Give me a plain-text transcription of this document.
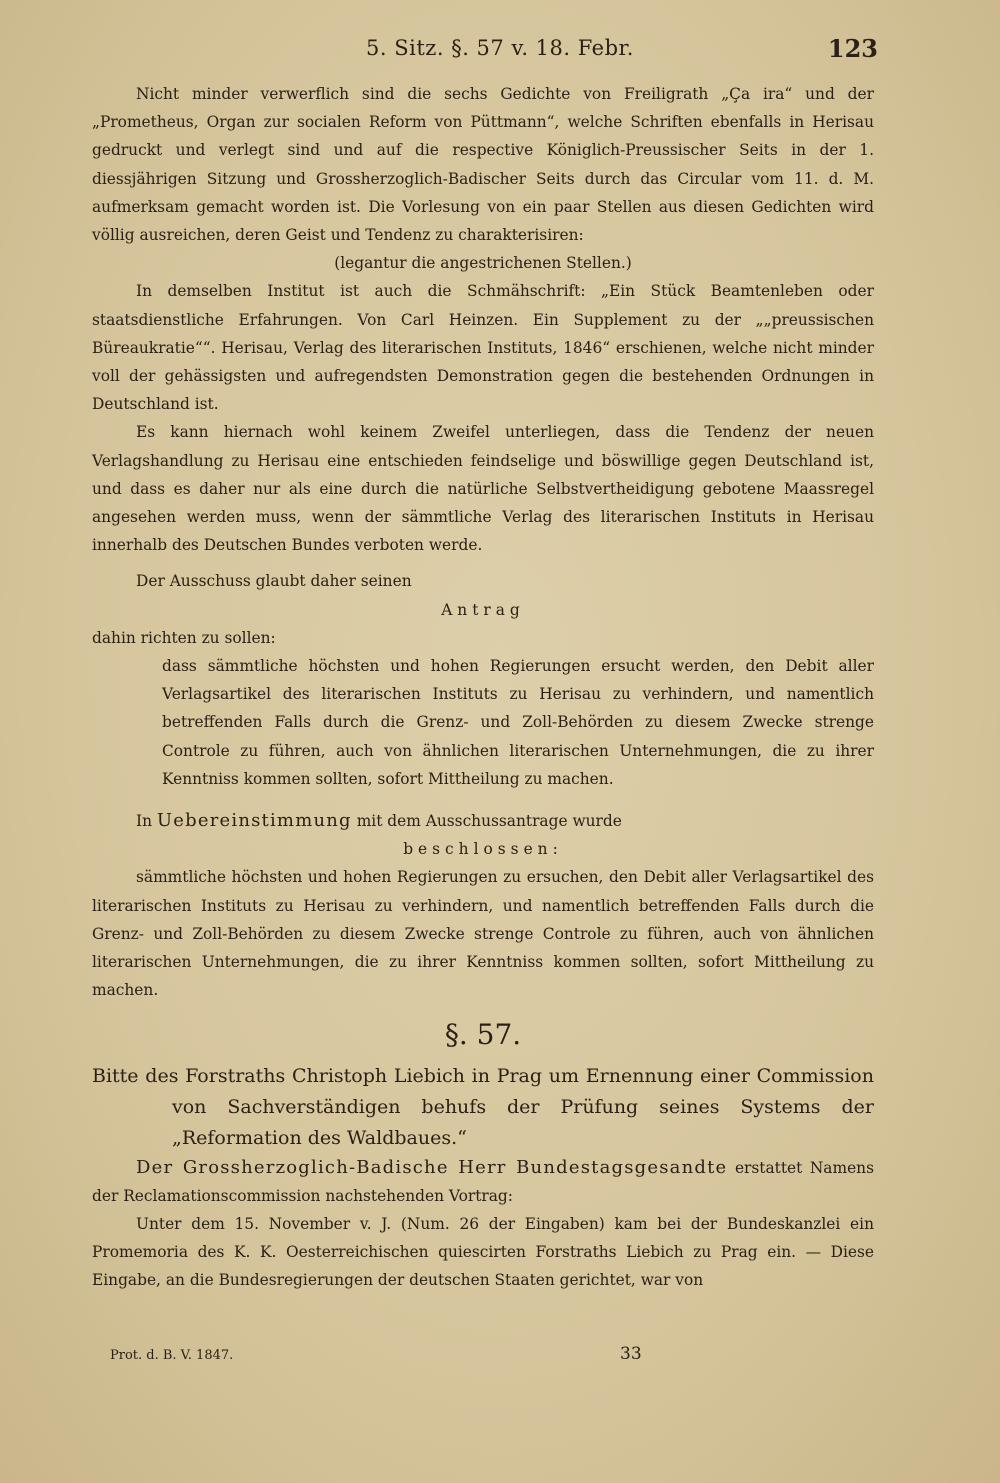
5. Sitz. §. 57 v. 18. Febr.	123

Nicht minder verwerflich sind die sechs Gedichte von Freiligrath „Ça ira“ und der „Prometheus, Organ zur socialen Reform von Püttmann“, welche Schriften ebenfalls in Herisau gedruckt und verlegt sind und auf die respective Königlich-Preussischer Seits in der 1. diessjährigen Sitzung und Grossherzoglich-Badischer Seits durch das Circular vom 11. d. M. aufmerksam gemacht worden ist. Die Vorlesung von ein paar Stellen aus diesen Gedichten wird völlig ausreichen, deren Geist und Tendenz zu charakterisiren:

(legantur die angestrichenen Stellen.)

In demselben Institut ist auch die Schmähschrift: „Ein Stück Beamtenleben oder staatsdienstliche Erfahrungen. Von Carl Heinzen. Ein Supplement zu der „„preussischen Büreaukratie““. Herisau, Verlag des literarischen Instituts, 1846“ erschienen, welche nicht minder voll der gehässigsten und aufregendsten Demonstration gegen die bestehenden Ordnungen in Deutschland ist.

Es kann hiernach wohl keinem Zweifel unterliegen, dass die Tendenz der neuen Verlagshandlung zu Herisau eine entschieden feindselige und böswillige gegen Deutschland ist, und dass es daher nur als eine durch die natürliche Selbstvertheidigung gebotene Maassregel angesehen werden muss, wenn der sämmtliche Verlag des literarischen Instituts in Herisau innerhalb des Deutschen Bundes verboten werde.

Der Ausschuss glaubt daher seinen

Antrag

dahin richten zu sollen:

dass sämmtliche höchsten und hohen Regierungen ersucht werden, den Debit aller Verlagsartikel des literarischen Instituts zu Herisau zu verhindern, und namentlich betreffenden Falls durch die Grenz- und Zoll-Behörden zu diesem Zwecke strenge Controle zu führen, auch von ähnlichen literarischen Unternehmungen, die zu ihrer Kenntniss kommen sollten, sofort Mittheilung zu machen.

In Uebereinstimmung mit dem Ausschussantrage wurde

beschlossen:

sämmtliche höchsten und hohen Regierungen zu ersuchen, den Debit aller Verlagsartikel des literarischen Instituts zu Herisau zu verhindern, und namentlich betreffenden Falls durch die Grenz- und Zoll-Behörden zu diesem Zwecke strenge Controle zu führen, auch von ähnlichen literarischen Unternehmungen, die zu ihrer Kenntniss kommen sollten, sofort Mittheilung zu machen.

§. 57.

Bitte des Forstraths Christoph Liebich in Prag um Ernennung einer Commission von Sachverständigen behufs der Prüfung seines Systems der „Reformation des Waldbaues.“

Der Grossherzoglich-Badische Herr Bundestagsgesandte erstattet Namens der Reclamationscommission nachstehenden Vortrag:

Unter dem 15. November v. J. (Num. 26 der Eingaben) kam bei der Bundeskanzlei ein Promemoria des K. K. Oesterreichischen quiescirten Forstraths Liebich zu Prag ein. — Diese Eingabe, an die Bundesregierungen der deutschen Staaten gerichtet, war von

Prot. d. B. V. 1847.	33
